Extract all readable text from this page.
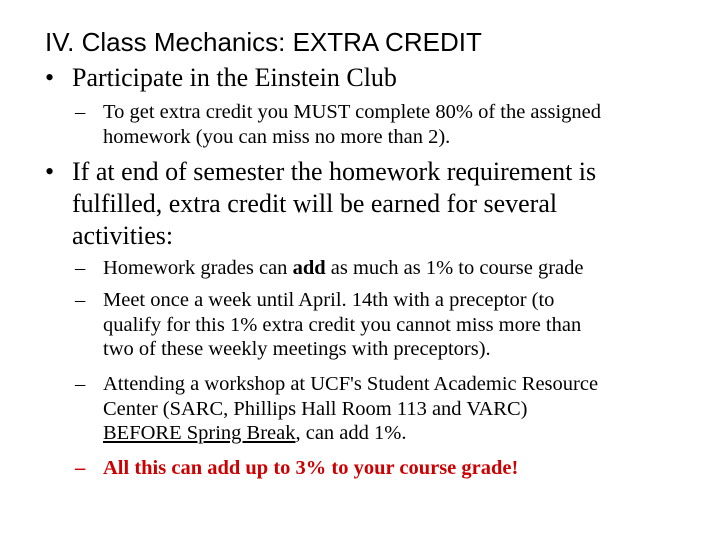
IV. Class Mechanics: EXTRA CREDIT
• Participate in the Einstein Club
– To get extra credit you MUST complete 80% of the assigned
homework (you can miss no more than 2).
• If at end of semester the homework requirement is
fulfilled, extra credit will be earned for several
activities:
– Homework grades can add as much as 1% to course grade
– Meet once a week until April. 14th with a preceptor (to
qualify for this 1% extra credit you cannot miss more than
two of these weekly meetings with preceptors).
– Attending a workshop at UCF's Student Academic Resource
Center (SARC, Phillips Hall Room 113 and VARC)
BEFORE Spring Break, can add 1%.
– All this can add up to 3% to your course grade!
